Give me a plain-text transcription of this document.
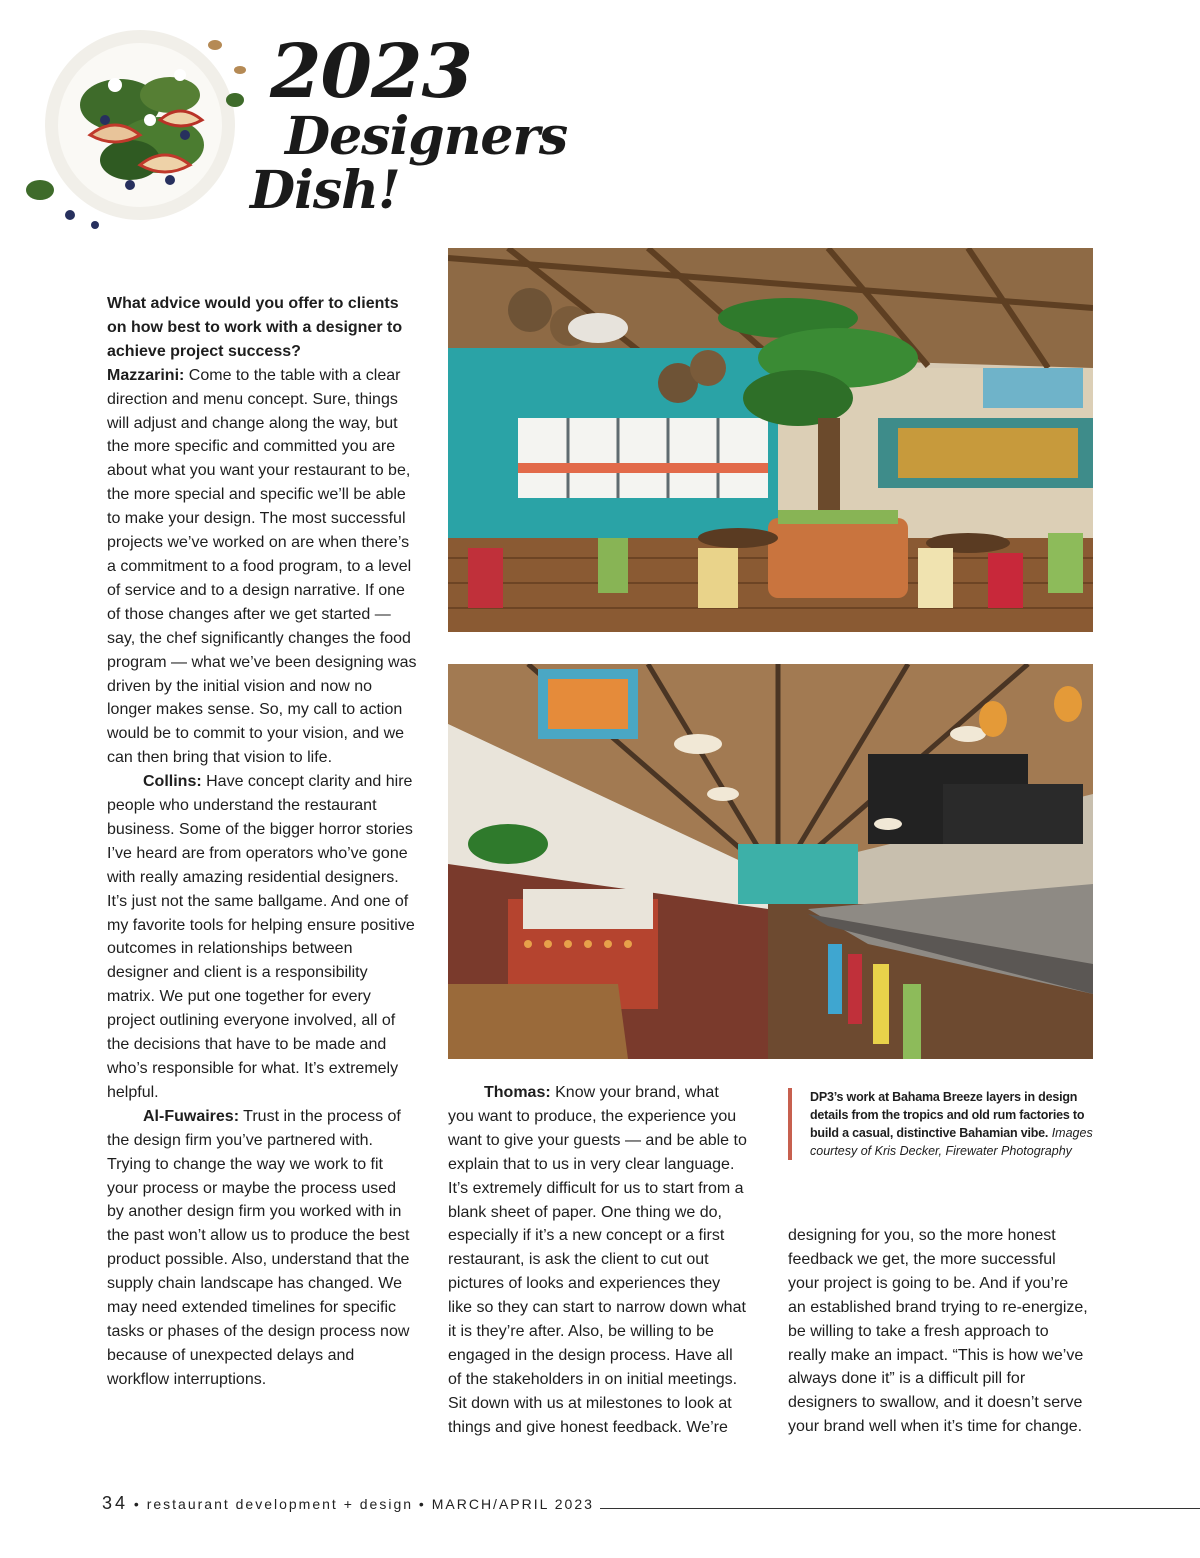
2023
Designers
Dish!

What advice would you offer to clients on how best to work with a designer to achieve project success?

Mazzarini: Come to the table with a clear direction and menu concept. Sure, things will adjust and change along the way, but the more specific and committed you are about what you want your restaurant to be, the more special and specific we’ll be able to make your design. The most successful projects we’ve worked on are when there’s a commitment to a food program, to a level of service and to a design narrative. If one of those changes after we get started — say, the chef significantly changes the food program — what we’ve been designing was driven by the initial vision and now no longer makes sense. So, my call to action would be to commit to your vision, and we can then bring that vision to life.

Collins: Have concept clarity and hire people who understand the restaurant business. Some of the bigger horror stories I’ve heard are from operators who’ve gone with really amazing residential designers. It’s just not the same ballgame. And one of my favorite tools for helping ensure positive outcomes in relationships between designer and client is a responsibility matrix. We put one together for every project outlining everyone involved, all of the decisions that have to be made and who’s responsible for what. It’s extremely helpful.

Al-Fuwaires: Trust in the process of the design firm you’ve partnered with. Trying to change the way we work to fit your process or maybe the process used by another design firm you worked with in the past won’t allow us to produce the best product possible. Also, understand that the supply chain landscape has changed. We may need extended timelines for specific tasks or phases of the design process now because of unexpected delays and workflow interruptions.

Thomas: Know your brand, what you want to produce, the experience you want to give your guests — and be able to explain that to us in very clear language. It’s extremely difficult for us to start from a blank sheet of paper. One thing we do, especially if it’s a new concept or a first restaurant, is ask the client to cut out pictures of looks and experiences they like so they can start to narrow down what it is they’re after. Also, be willing to be engaged in the design process. Have all of the stakeholders in on initial meetings. Sit down with us at milestones to look at things and give honest feedback. We’re

DP3’s work at Bahama Breeze layers in design details from the tropics and old rum factories to build a casual, distinctive Bahamian vibe. Images courtesy of Kris Decker, Firewater Photography

designing for you, so the more honest feedback we get, the more successful your project is going to be. And if you’re an established brand trying to re-energize, be willing to take a fresh approach to really make an impact. “This is how we’ve always done it” is a difficult pill for designers to swallow, and it doesn’t serve your brand well when it’s time for change.

34 • restaurant development + design • MARCH/APRIL 2023
